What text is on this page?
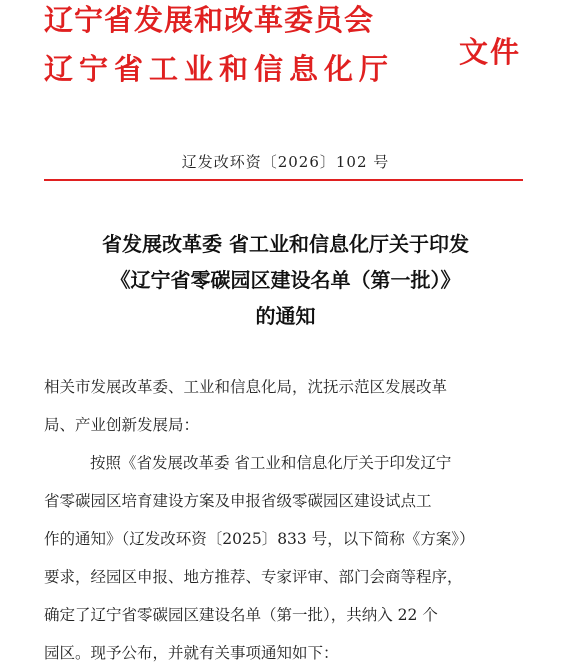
辽宁省发展和改革委员会
辽宁省工业和信息化厅 文件
辽发改环资〔2026〕102 号
省发展改革委 省工业和信息化厅关于印发
《辽宁省零碳园区建设名单（第一批）》
的通知
相关市发展改革委、工业和信息化局，沈抚示范区发展改革
局、产业创新发展局：
按照《省发展改革委 省工业和信息化厅关于印发辽宁
省零碳园区培育建设方案及申报省级零碳园区建设试点工
作的通知》（辽发改环资〔2025〕833 号，以下简称《方案》）
要求，经园区申报、地方推荐、专家评审、部门会商等程序，
确定了辽宁省零碳园区建设名单（第一批），共纳入 22 个
园区。现予公布，并就有关事项通知如下：
